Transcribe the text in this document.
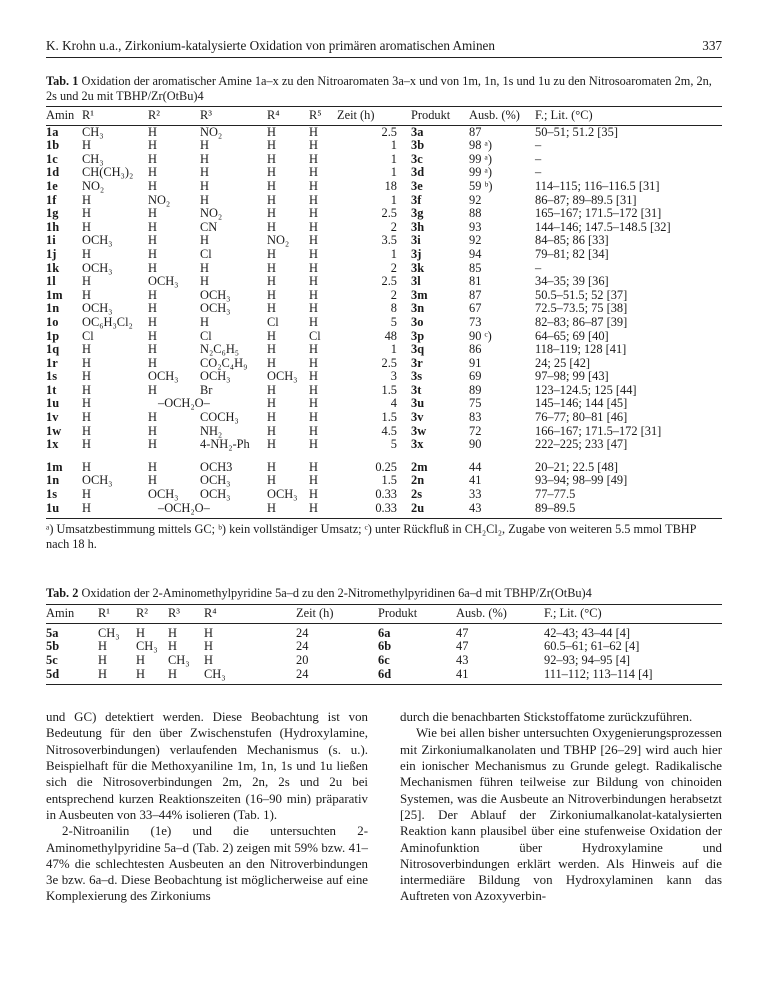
K. Krohn u.a., Zirkonium-katalysierte Oxidation von primären aromatischen Aminen	337
Tab. 1 Oxidation der aromatischer Amine 1a–x zu den Nitroaromaten 3a–x und von 1m, 1n, 1s und 1u zu den Nitrosoaromaten 2m, 2n, 2s und 2u mit TBHP/Zr(OtBu)4
Amin	R¹	R²	R³	R⁴	R⁵	Zeit (h)	Produkt	Ausb. (%)	F.; Lit. (°C)
1a	CH₃	H	NO₂	H	H	2.5	3a	87	50–51; 51.2 [35]
1b	H	H	H	H	H	1	3b	98 ᵃ)	–
1c	CH₃	H	H	H	H	1	3c	99 ᵃ)	–
1d	CH(CH₃)₂	H	H	H	H	1	3d	99 ᵃ)	–
1e	NO₂	H	H	H	H	18	3e	59 ᵇ)	114–115; 116–116.5 [31]
1f	H	NO₂	H	H	H	1	3f	92	86–87; 89–89.5 [31]
1g	H	H	NO₂	H	H	2.5	3g	88	165–167; 171.5–172 [31]
1h	H	H	CN	H	H	2	3h	93	144–146; 147.5–148.5 [32]
1i	OCH₃	H	H	NO₂	H	3.5	3i	92	84–85; 86 [33]
1j	H	H	Cl	H	H	1	3j	94	79–81; 82 [34]
1k	OCH₃	H	H	H	H	2	3k	85	–
1l	H	OCH₃	H	H	H	2.5	3l	81	34–35; 39 [36]
1m	H	H	OCH₃	H	H	2	3m	87	50.5–51.5; 52 [37]
1n	OCH₃	H	OCH₃	H	H	8	3n	67	72.5–73.5; 75 [38]
1o	OC₆H₃Cl₂	H	H	Cl	H	5	3o	73	82–83; 86–87 [39]
1p	Cl	H	Cl	H	Cl	48	3p	90 ᶜ)	64–65; 69 [40]
1q	H	H	N₂C₆H₅	H	H	1	3q	86	118–119; 128 [41]
1r	H	H	CO₂C₄H₉	H	H	2.5	3r	91	24; 25 [42]
1s	H	OCH₃	OCH₃	OCH₃	H	3	3s	69	97–98; 99 [43]
1t	H	H	Br	H	H	1.5	3t	89	123–124.5; 125 [44]
1u	H	–OCH₂O–		H	H	4	3u	75	145–146; 144 [45]
1v	H	H	COCH₃	H	H	1.5	3v	83	76–77; 80–81 [46]
1w	H	H	NH₂	H	H	4.5	3w	72	166–167; 171.5–172 [31]
1x	H	H	4-NH₂-Ph	H	H	5	3x	90	222–225; 233 [47]
1m	H	H	OCH3	H	H	0.25	2m	44	20–21; 22.5 [48]
1n	OCH₃	H	OCH₃	H	H	1.5	2n	41	93–94; 98–99 [49]
1s	H	OCH₃	OCH₃	OCH₃	H	0.33	2s	33	77–77.5
1u	H	–OCH₂O–		H	H	0.33	2u	43	89–89.5
ᵃ) Umsatzbestimmung mittels GC; ᵇ) kein vollständiger Umsatz; ᶜ) unter Rückfluß in CH₂Cl₂, Zugabe von weiteren 5.5 mmol TBHP nach 18 h.
Tab. 2 Oxidation der 2-Aminomethylpyridine 5a–d zu den 2-Nitromethylpyridinen 6a–d mit TBHP/Zr(OtBu)4
Amin	R¹	R²	R³	R⁴	Zeit (h)	Produkt	Ausb. (%)	F.; Lit. (°C)
5a	CH₃	H	H	H	24	6a	47	42–43; 43–44 [4]
5b	H	CH₃	H	H	24	6b	47	60.5–61; 61–62 [4]
5c	H	H	CH₃	H	20	6c	43	92–93; 94–95 [4]
5d	H	H	H	CH₃	24	6d	41	111–112; 113–114 [4]

und GC) detektiert werden. Diese Beobachtung ist von Bedeutung für den über Zwischenstufen (Hydroxylamine, Nitrosoverbindungen) verlaufenden Mechanismus (s. u.). Beispielhaft für die Methoxyaniline 1m, 1n, 1s und 1u ließen sich die Nitrosoverbindungen 2m, 2n, 2s und 2u bei entsprechend kurzen Reaktionszeiten (16–90 min) präparativ in Ausbeuten von 33–44% isolieren (Tab. 1).

2-Nitroanilin (1e) und die untersuchten 2-Aminomethylpyridine 5a–d (Tab. 2) zeigen mit 59% bzw. 41–47% die schlechtesten Ausbeuten an den Nitroverbindungen 3e bzw. 6a–d. Diese Beobachtung ist möglicherweise auf eine Komplexierung des Zirkoniums

durch die benachbarten Stickstoffatome zurückzuführen.

Wie bei allen bisher untersuchten Oxygenierungsprozessen mit Zirkoniumalkanolaten und TBHP [26–29] wird auch hier ein ionischer Mechanismus zu Grunde gelegt. Radikalische Mechanismen führen teilweise zur Bildung von chinoiden Systemen, was die Ausbeute an Nitroverbindungen herabsetzt [25]. Der Ablauf der Zirkoniumalkanolat-katalysierten Reaktion kann plausibel über eine stufenweise Oxidation der Aminofunktion über Hydroxylamine und Nitrosoverbindungen erklärt werden. Als Hinweis auf die intermediäre Bildung von Hydroxylaminen kann das Auftreten von Azoxyverbin-
